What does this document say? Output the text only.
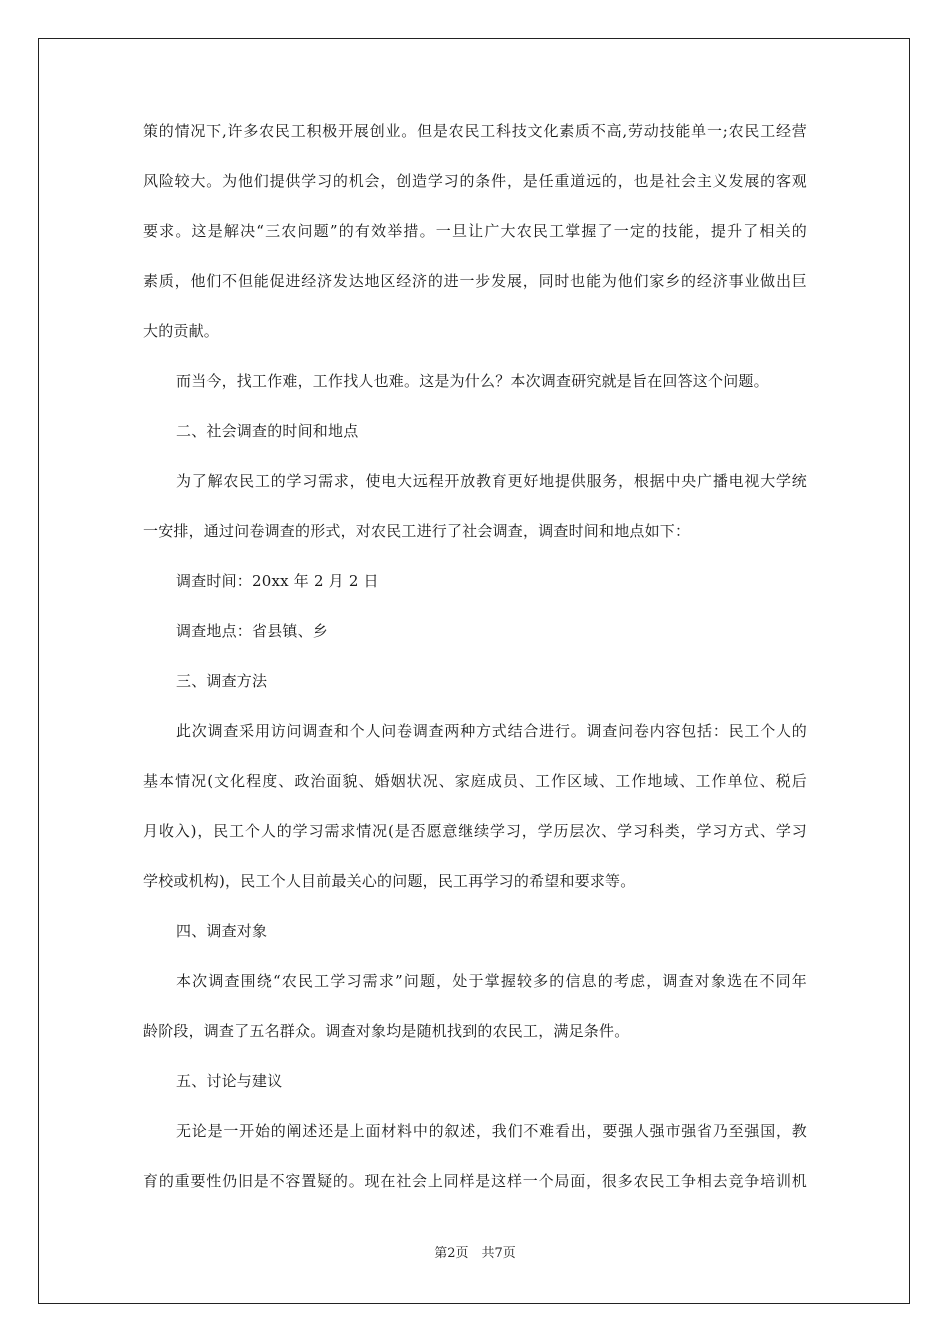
策的情况下,许多农民工积极开展创业。但是农民工科技文化素质不高,劳动技能单一;农民工经营
风险较大。为他们提供学习的机会，创造学习的条件，是任重道远的，也是社会主义发展的客观
要求。这是解决“三农问题”的有效举措。一旦让广大农民工掌握了一定的技能，提升了相关的
素质，他们不但能促进经济发达地区经济的进一步发展，同时也能为他们家乡的经济事业做出巨
大的贡献。
而当今，找工作难，工作找人也难。这是为什么？本次调查研究就是旨在回答这个问题。
二、社会调查的时间和地点
为了解农民工的学习需求，使电大远程开放教育更好地提供服务，根据中央广播电视大学统
一安排，通过问卷调查的形式，对农民工进行了社会调查，调查时间和地点如下：
调查时间：20xx 年 2 月 2 日
调查地点：省县镇、乡
三、调查方法
此次调查采用访问调查和个人问卷调查两种方式结合进行。调查问卷内容包括：民工个人的
基本情况(文化程度、政治面貌、婚姻状况、家庭成员、工作区域、工作地域、工作单位、税后
月收入)，民工个人的学习需求情况(是否愿意继续学习，学历层次、学习科类，学习方式、学习
学校或机构)，民工个人目前最关心的问题，民工再学习的希望和要求等。
四、调查对象
本次调查围绕“农民工学习需求”问题，处于掌握较多的信息的考虑，调查对象选在不同年
龄阶段，调查了五名群众。调查对象均是随机找到的农民工，满足条件。
五、讨论与建议
无论是一开始的阐述还是上面材料中的叙述，我们不难看出，要强人强市强省乃至强国，教
育的重要性仍旧是不容置疑的。现在社会上同样是这样一个局面，很多农民工争相去竞争培训机
第2页　共7页
